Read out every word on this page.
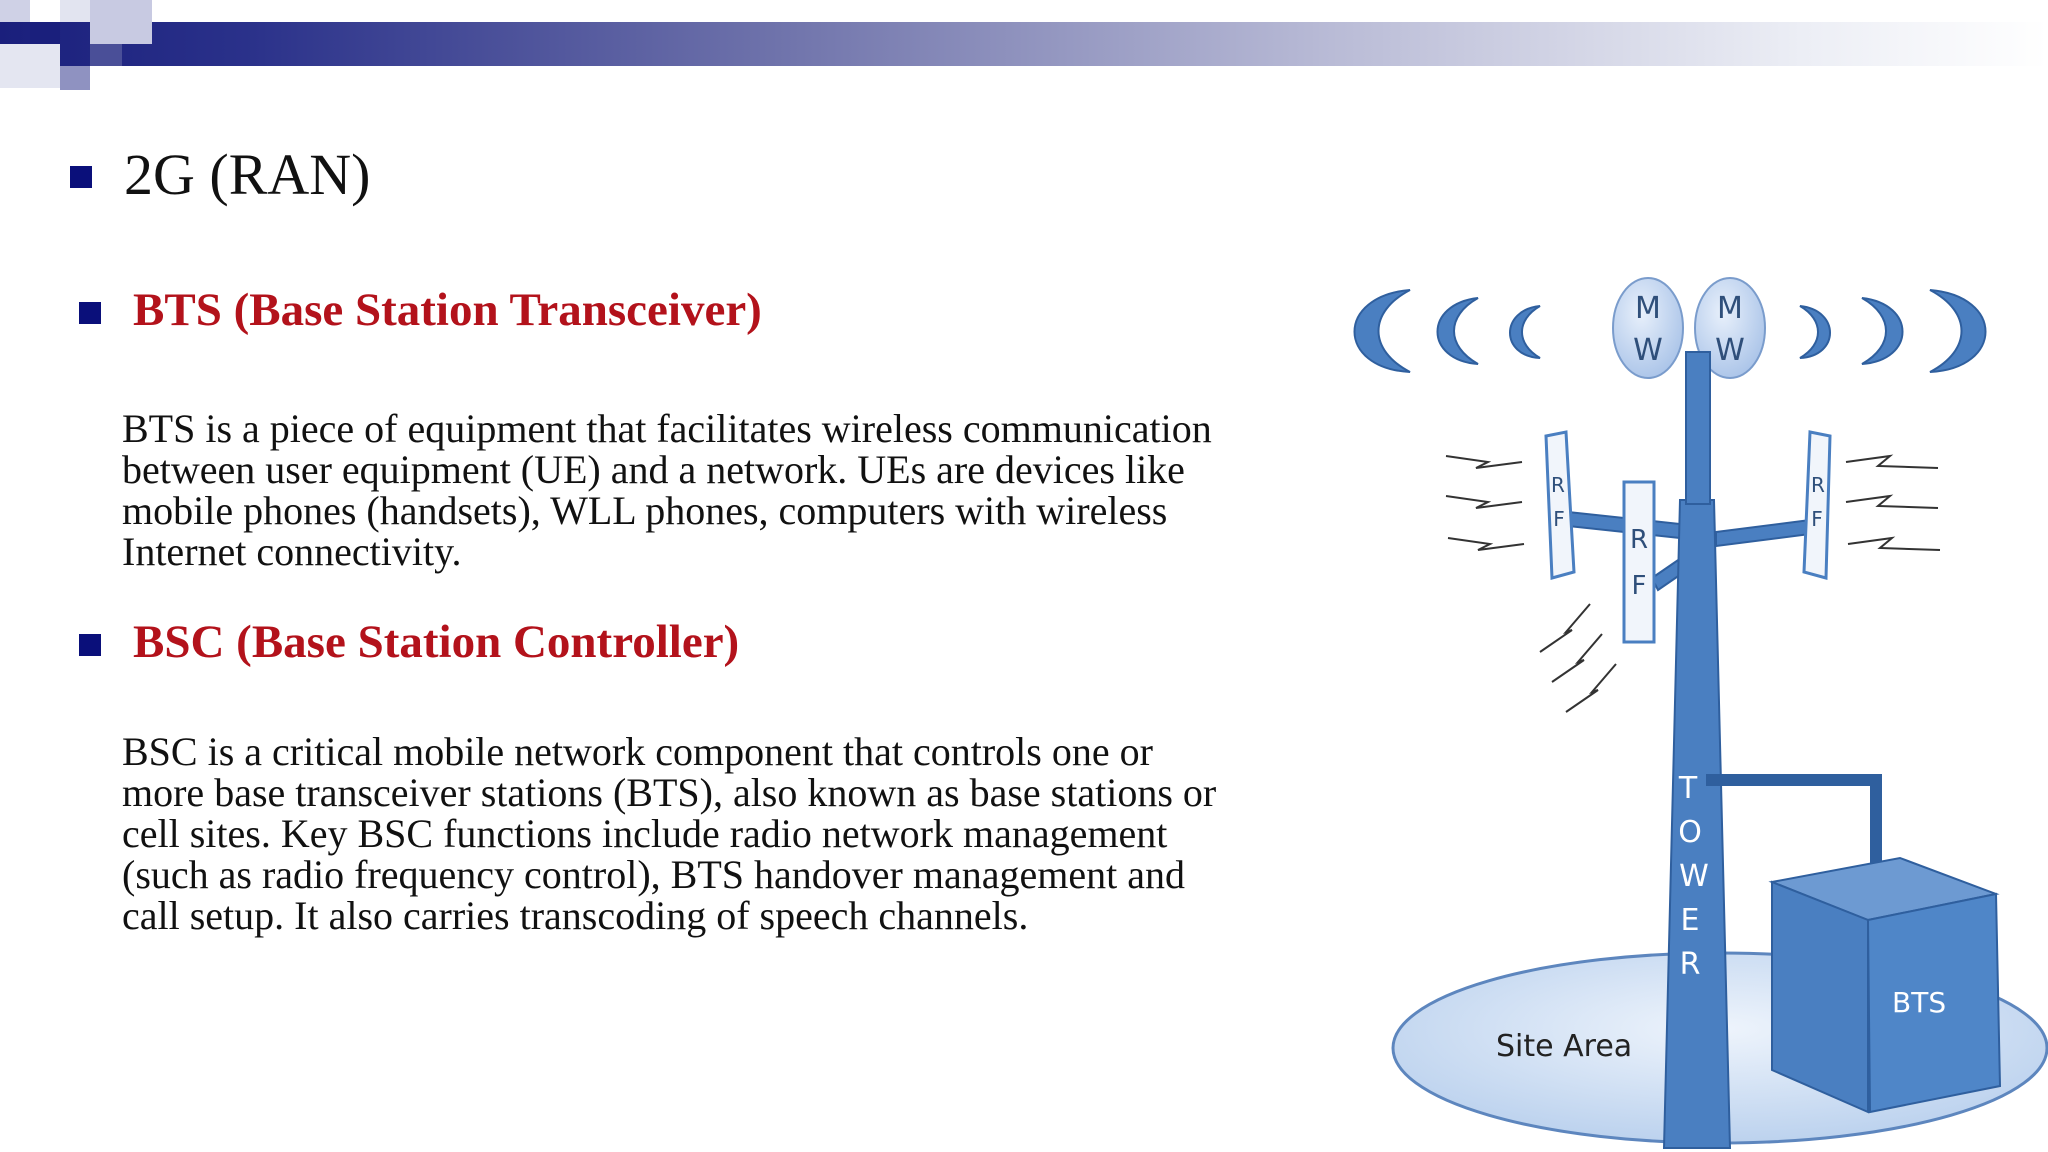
2G (RAN)
BTS (Base Station Transceiver)
BTS is a piece of equipment that facilitates wireless communication
between user equipment (UE) and a network. UEs are devices like
mobile phones (handsets), WLL phones, computers with wireless
Internet connectivity.
BSC (Base Station Controller)
BSC is a critical mobile network component that controls one or
more base transceiver stations (BTS), also known as base stations or
cell sites. Key BSC functions include radio network management
(such as radio frequency control), BTS handover management and
call setup. It also carries transcoding of speech channels.
Site Area
M
W
M
W
T
O
W
E
R
R
F
R
F
R
F
BTS
